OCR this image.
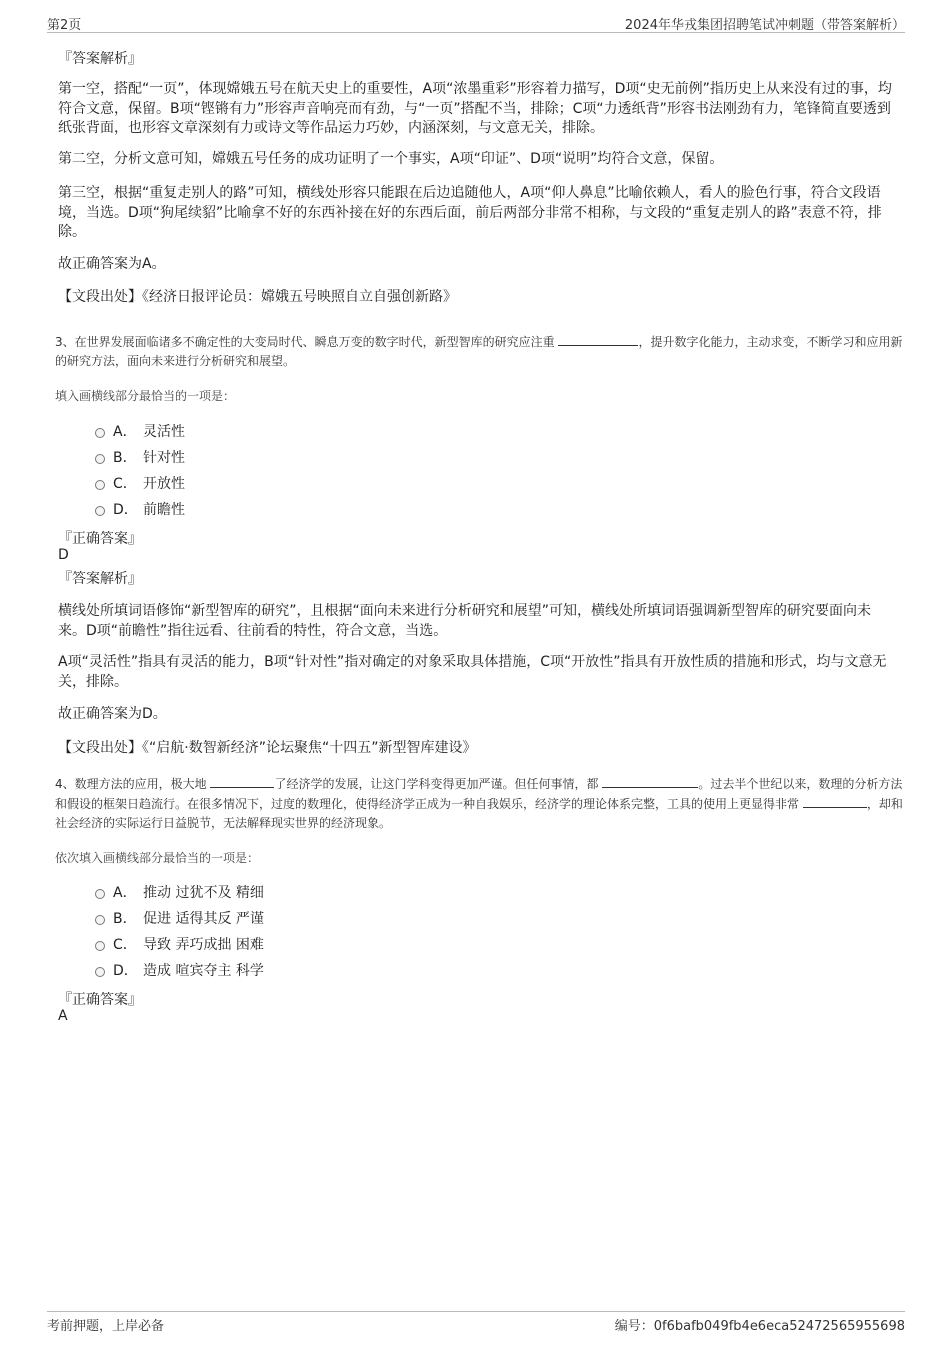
第2页	2024年华戎集团招聘笔试冲刺题（带答案解析）
『答案解析』
第一空，搭配“一页”，体现嫦娥五号在航天史上的重要性，A项“浓墨重彩”形容着力描写，D项“史无前例”指历史上从来没有过的事，均符合文意，保留。B项“铿锵有力”形容声音响亮而有劲，与“一页”搭配不当，排除；C项“力透纸背”形容书法刚劲有力，笔锋简直要透到纸张背面，也形容文章深刻有力或诗文等作品运力巧妙，内涵深刻，与文意无关，排除。
第二空，分析文意可知，嫦娥五号任务的成功证明了一个事实，A项“印证”、D项“说明”均符合文意，保留。
第三空，根据“重复走别人的路”可知，横线处形容只能跟在后边追随他人，A项“仰人鼻息”比喻依赖人，看人的脸色行事，符合文段语境，当选。D项“狗尾续貂”比喻拿不好的东西补接在好的东西后面，前后两部分非常不相称，与文段的“重复走别人的路”表意不符，排除。
故正确答案为A。
【文段出处】《经济日报评论员：嫦娥五号映照自立自强创新路》
3、在世界发展面临诸多不确定性的大变局时代、瞬息万变的数字时代，新型智库的研究应注重	，提升数字化能力，主动求变，不断学习和应用新的研究方法，面向未来进行分析研究和展望。
填入画横线部分最恰当的一项是：
A． 灵活性
B． 针对性
C． 开放性
D． 前瞻性
『正确答案』
D
『答案解析』
横线处所填词语修饰“新型智库的研究”，且根据“面向未来进行分析研究和展望”可知，横线处所填词语强调新型智库的研究要面向未来。D项“前瞻性”指往远看、往前看的特性，符合文意，当选。
A项“灵活性”指具有灵活的能力，B项“针对性”指对确定的对象采取具体措施，C项“开放性”指具有开放性质的措施和形式，均与文意无关，排除。
故正确答案为D。
【文段出处】《“启航·数智新经济”论坛聚焦“十四五”新型智库建设》
4、数理方法的应用，极大地	了经济学的发展，让这门学科变得更加严谨。但任何事情，都	。过去半个世纪以来，数理的分析方法和假设的框架日趋流行。在很多情况下，过度的数理化，使得经济学正成为一种自我娱乐，经济学的理论体系完整，工具的使用上更显得非常	，却和社会经济的实际运行日益脱节，无法解释现实世界的经济现象。
依次填入画横线部分最恰当的一项是：
A． 推动 过犹不及 精细
B． 促进 适得其反 严谨
C． 导致 弄巧成拙 困难
D． 造成 喧宾夺主 科学
『正确答案』
A
考前押题，上岸必备	编号：0f6bafb049fb4e6eca52472565955698
